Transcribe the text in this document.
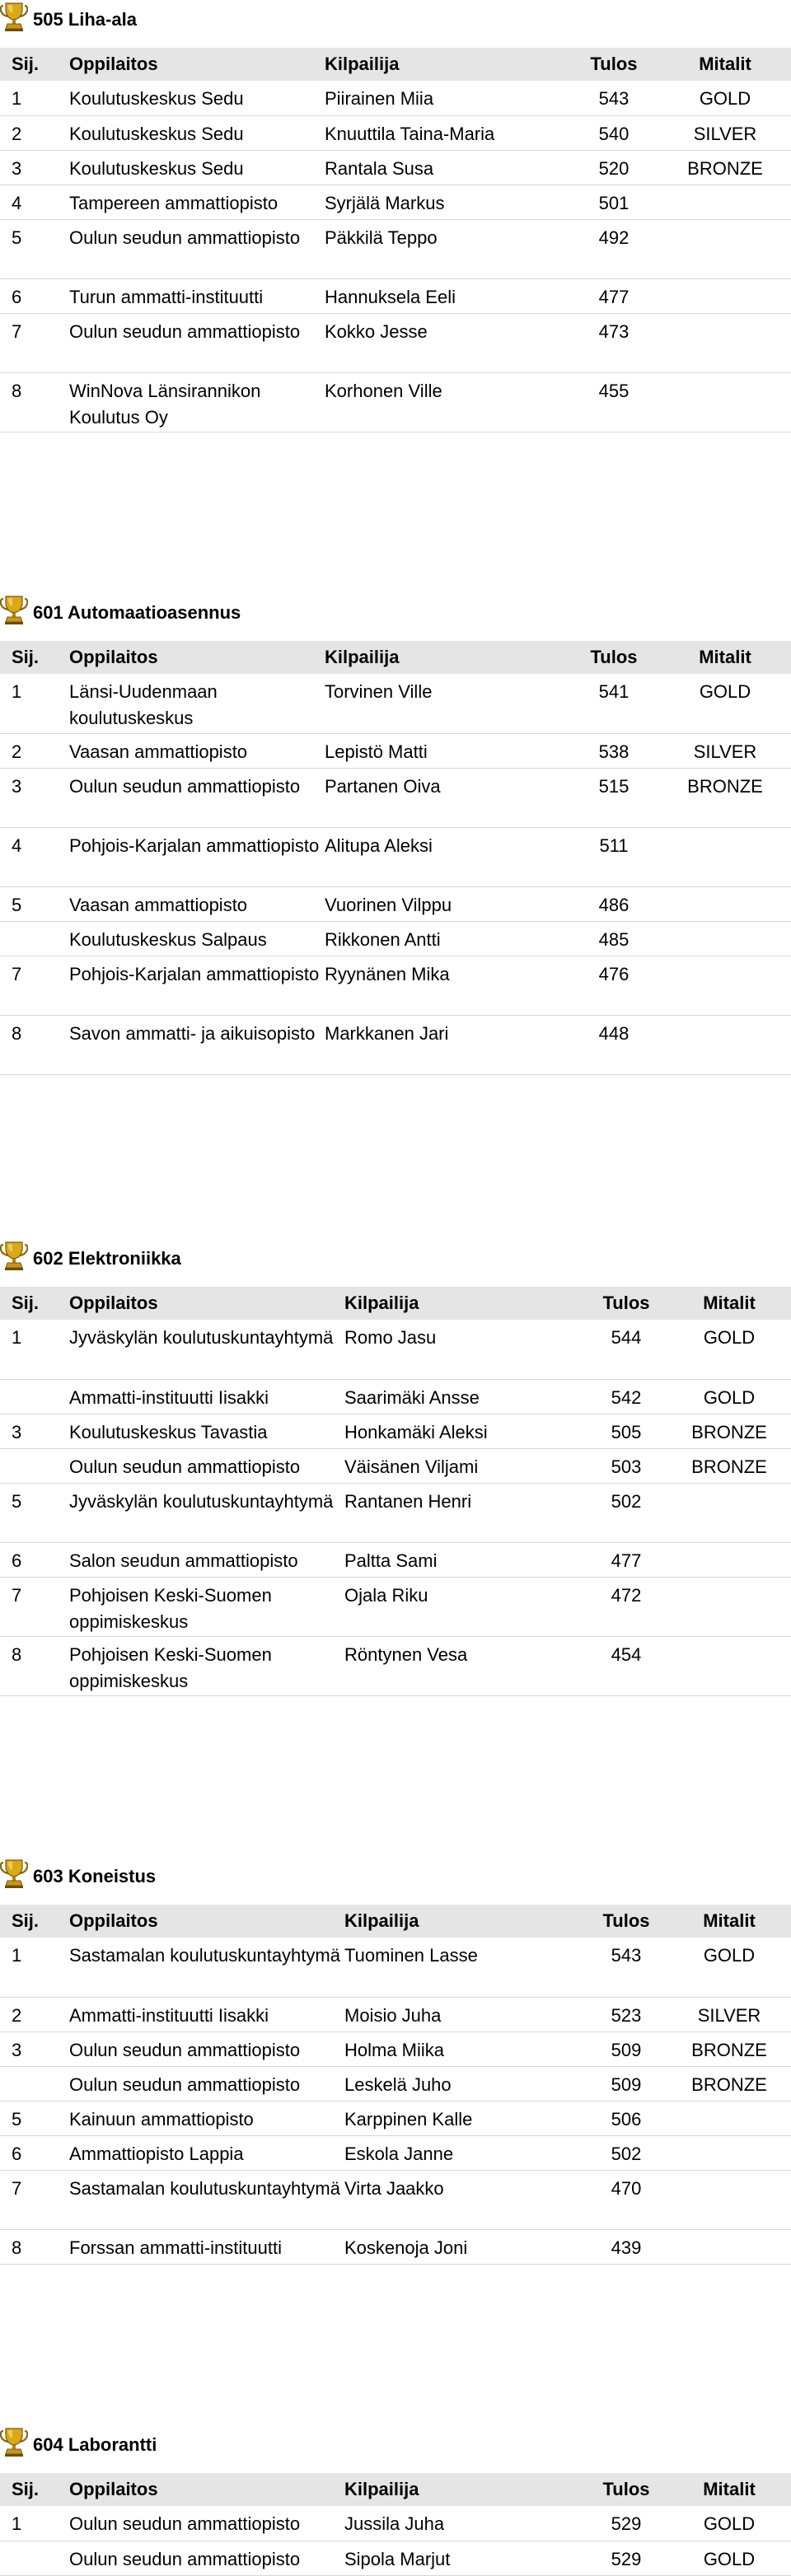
505 Liha-ala
Sij.	Oppilaitos	Kilpailija	Tulos	Mitalit
1	Koulutuskeskus Sedu	Piirainen Miia	543	GOLD
2	Koulutuskeskus Sedu	Knuuttila Taina-Maria	540	SILVER
3	Koulutuskeskus Sedu	Rantala Susa	520	BRONZE
4	Tampereen ammattiopisto	Syrjälä Markus	501	
5	Oulun seudun ammattiopisto	Päkkilä Teppo	492	
6	Turun ammatti-instituutti	Hannuksela Eeli	477	
7	Oulun seudun ammattiopisto	Kokko Jesse	473	
8	WinNova Länsirannikon Koulutus Oy	Korhonen Ville	455	
601 Automaatioasennus
Sij.	Oppilaitos	Kilpailija	Tulos	Mitalit
1	Länsi-Uudenmaan koulutuskeskus	Torvinen Ville	541	GOLD
2	Vaasan ammattiopisto	Lepistö Matti	538	SILVER
3	Oulun seudun ammattiopisto	Partanen Oiva	515	BRONZE
4	Pohjois-Karjalan ammattiopisto	Alitupa Aleksi	511	
5	Vaasan ammattiopisto	Vuorinen Vilppu	486	
	Koulutuskeskus Salpaus	Rikkonen Antti	485	
7	Pohjois-Karjalan ammattiopisto	Ryynänen Mika	476	
8	Savon ammatti- ja aikuisopisto	Markkanen Jari	448	
602 Elektroniikka
Sij.	Oppilaitos	Kilpailija	Tulos	Mitalit
1	Jyväskylän koulutuskuntayhtymä	Romo Jasu	544	GOLD
	Ammatti-instituutti Iisakki	Saarimäki Ansse	542	GOLD
3	Koulutuskeskus Tavastia	Honkamäki Aleksi	505	BRONZE
	Oulun seudun ammattiopisto	Väisänen Viljami	503	BRONZE
5	Jyväskylän koulutuskuntayhtymä	Rantanen Henri	502	
6	Salon seudun ammattiopisto	Paltta Sami	477	
7	Pohjoisen Keski-Suomen oppimiskeskus	Ojala Riku	472	
8	Pohjoisen Keski-Suomen oppimiskeskus	Röntynen Vesa	454	
603 Koneistus
Sij.	Oppilaitos	Kilpailija	Tulos	Mitalit
1	Sastamalan koulutuskuntayhtymä	Tuominen Lasse	543	GOLD
2	Ammatti-instituutti Iisakki	Moisio Juha	523	SILVER
3	Oulun seudun ammattiopisto	Holma Miika	509	BRONZE
	Oulun seudun ammattiopisto	Leskelä Juho	509	BRONZE
5	Kainuun ammattiopisto	Karppinen Kalle	506	
6	Ammattiopisto Lappia	Eskola Janne	502	
7	Sastamalan koulutuskuntayhtymä	Virta Jaakko	470	
8	Forssan ammatti-instituutti	Koskenoja Joni	439	
604 Laborantti
Sij.	Oppilaitos	Kilpailija	Tulos	Mitalit
1	Oulun seudun ammattiopisto	Jussila Juha	529	GOLD
	Oulun seudun ammattiopisto	Sipola Marjut	529	GOLD
